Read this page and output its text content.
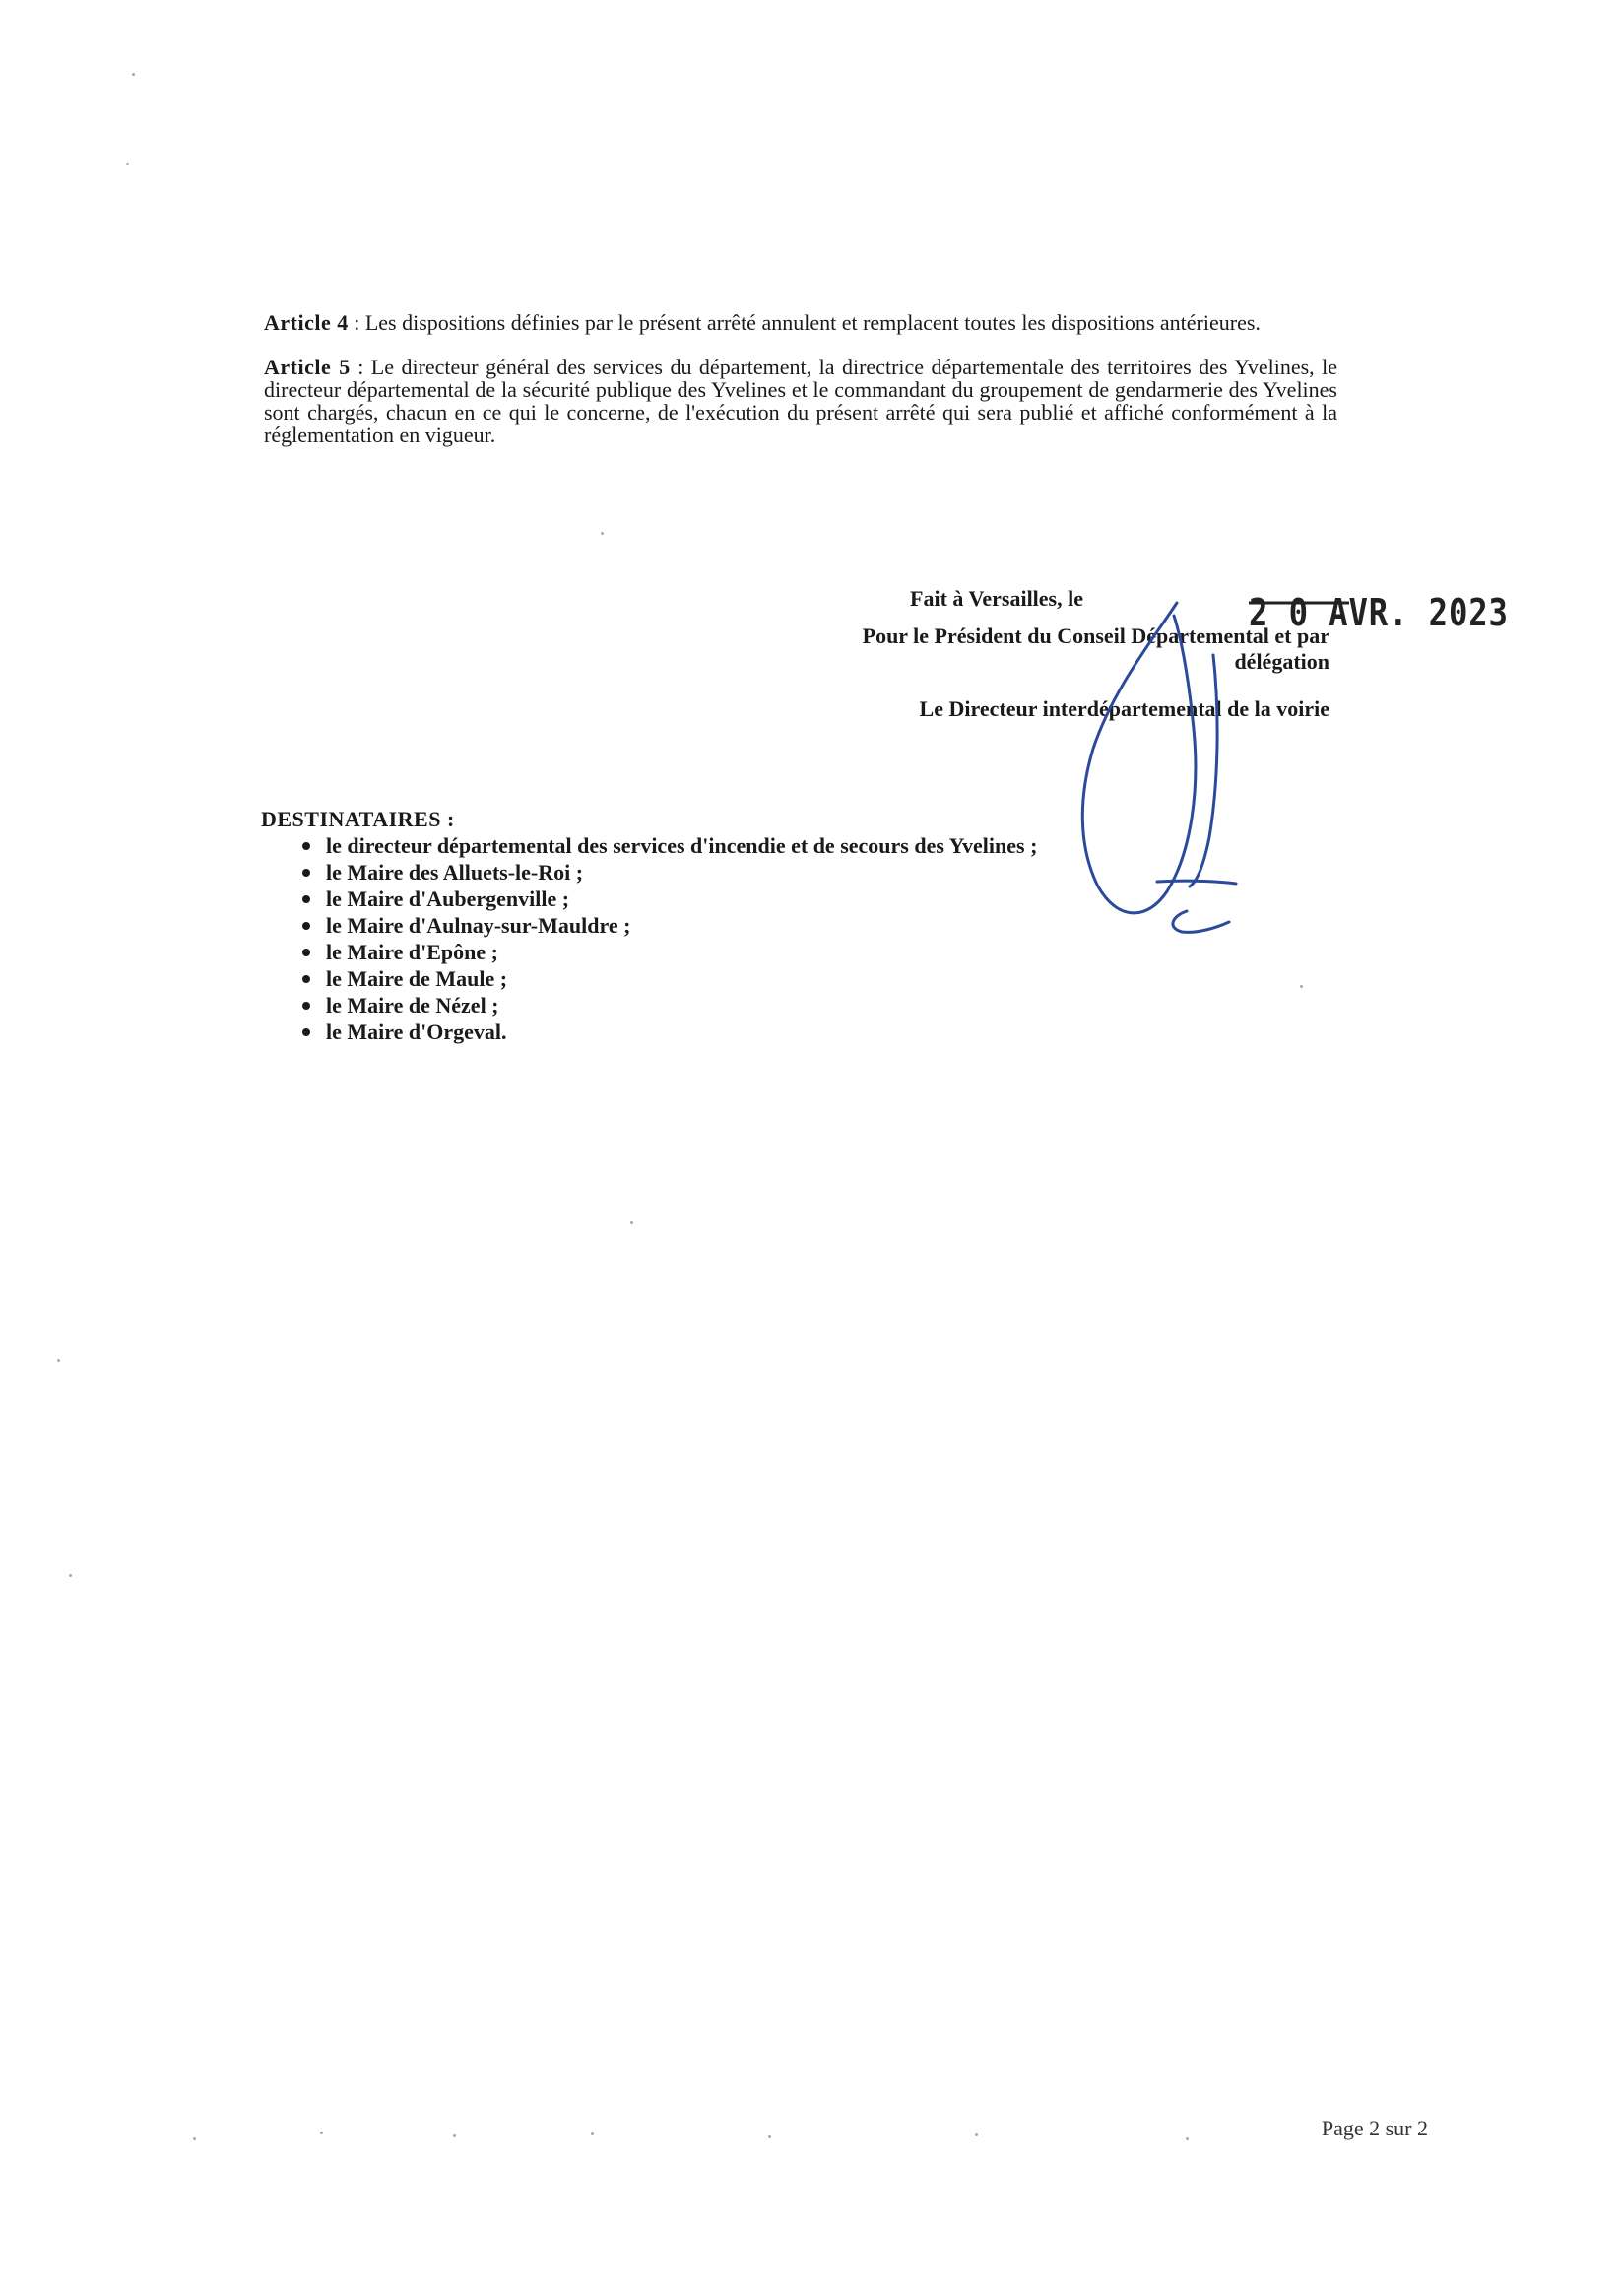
Article 4 : Les dispositions définies par le présent arrêté annulent et remplacent toutes les dispositions antérieures.

Article 5 : Le directeur général des services du département, la directrice départementale des territoires des Yvelines, le directeur départemental de la sécurité publique des Yvelines et le commandant du groupement de gendarmerie des Yvelines sont chargés, chacun en ce qui le concerne, de l'exécution du présent arrêté qui sera publié et affiché conformément à la réglementation en vigueur.

Fait à Versailles, le
Pour le Président du Conseil Départemental et par
délégation
Le Directeur interdépartemental de la voirie
2 0 AVR. 2023
DESTINATAIRES :
le directeur départemental des services d'incendie et de secours des Yvelines ;
le Maire des Alluets-le-Roi ;
le Maire d'Aubergenville ;
le Maire d'Aulnay-sur-Mauldre ;
le Maire d'Epône ;
le Maire de Maule ;
le Maire de Nézel ;
le Maire d'Orgeval.
Page 2 sur 2
